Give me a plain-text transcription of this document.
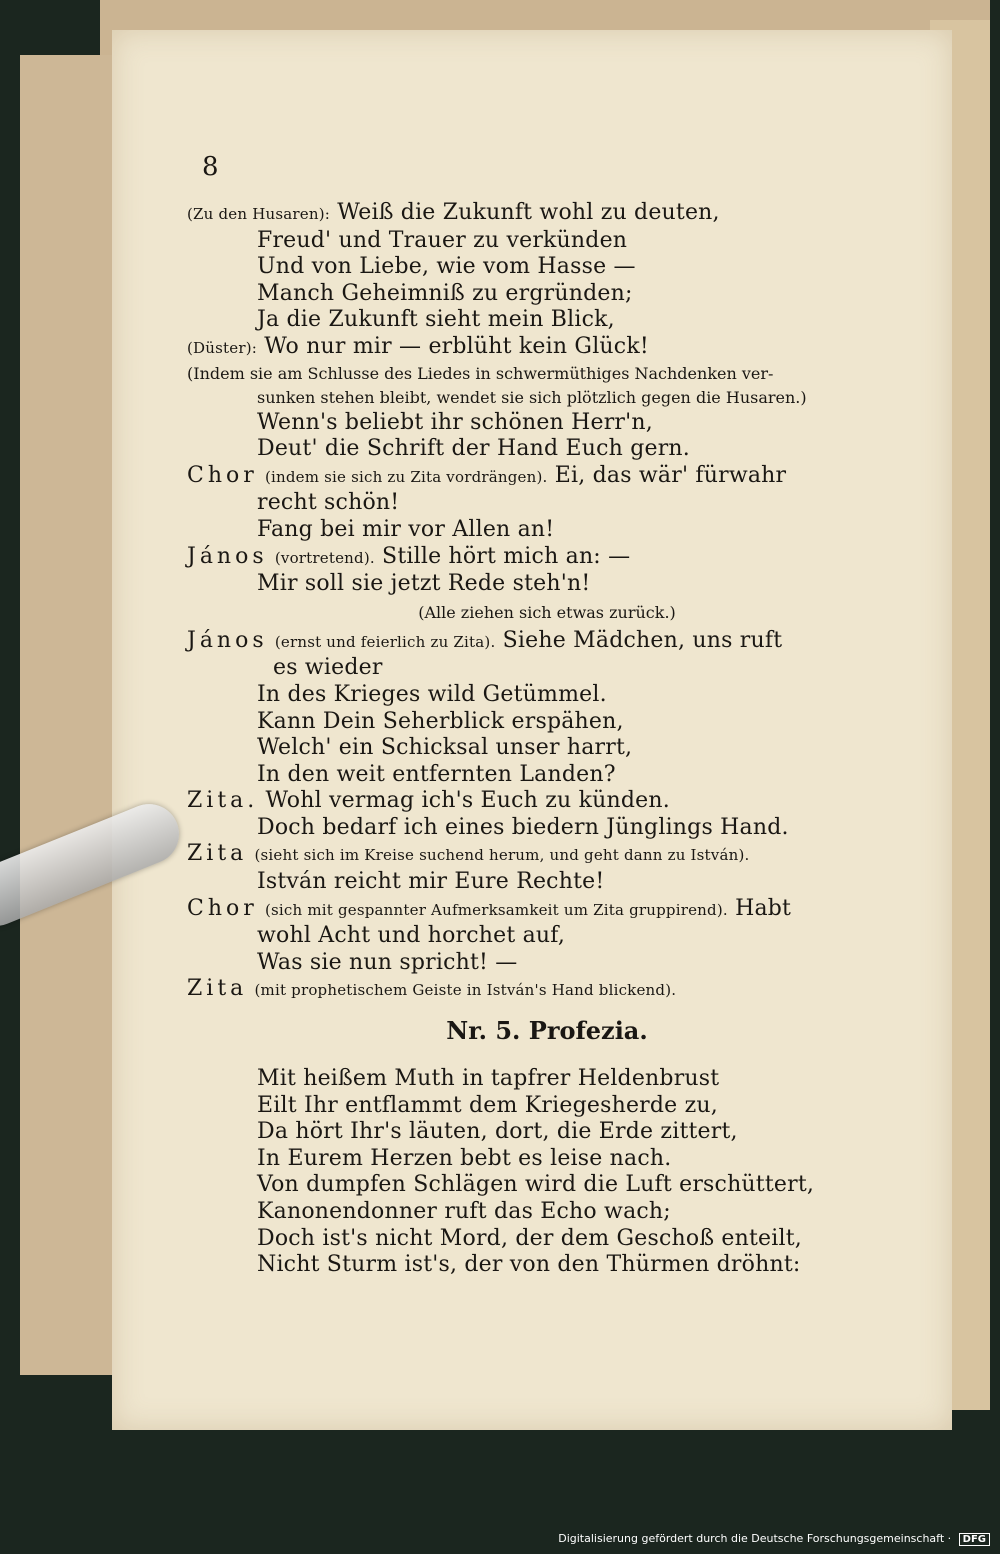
8
(Zu den Husaren): Weiß die Zukunft wohl zu deuten,
Freud' und Trauer zu verkünden
Und von Liebe, wie vom Hasse —
Manch Geheimniß zu ergründen;
Ja die Zukunft sieht mein Blick,
(Düster): Wo nur mir — erblüht kein Glück!
(Indem sie am Schlusse des Liedes in schwermüthiges Nachdenken ver-
sunken stehen bleibt, wendet sie sich plötzlich gegen die Husaren.)
Wenn's beliebt ihr schönen Herr'n,
Deut' die Schrift der Hand Euch gern.
Chor (indem sie sich zu Zita vordrängen). Ei, das wär' fürwahr
recht schön!
Fang bei mir vor Allen an!
János (vortretend). Stille hört mich an: —
Mir soll sie jetzt Rede steh'n!
(Alle ziehen sich etwas zurück.)
János (ernst und feierlich zu Zita). Siehe Mädchen, uns ruft
es wieder
In des Krieges wild Getümmel.
Kann Dein Seherblick erspähen,
Welch' ein Schicksal unser harrt,
In den weit entfernten Landen?
Zita. Wohl vermag ich's Euch zu künden.
Doch bedarf ich eines biedern Jünglings Hand.
Zita (sieht sich im Kreise suchend herum, und geht dann zu István).
István reicht mir Eure Rechte!
Chor (sich mit gespannter Aufmerksamkeit um Zita gruppirend). Habt
wohl Acht und horchet auf,
Was sie nun spricht! —
Zita (mit prophetischem Geiste in István's Hand blickend).
Nr. 5. Profezia.
Mit heißem Muth in tapfrer Heldenbrust
Eilt Ihr entflammt dem Kriegesherde zu,
Da hört Ihr's läuten, dort, die Erde zittert,
In Eurem Herzen bebt es leise nach.
Von dumpfen Schlägen wird die Luft erschüttert,
Kanonendonner ruft das Echo wach;
Doch ist's nicht Mord, der dem Geschoß enteilt,
Nicht Sturm ist's, der von den Thürmen dröhnt:
Digitalisierung gefördert durch die Deutsche Forschungsgemeinschaft · DFG
